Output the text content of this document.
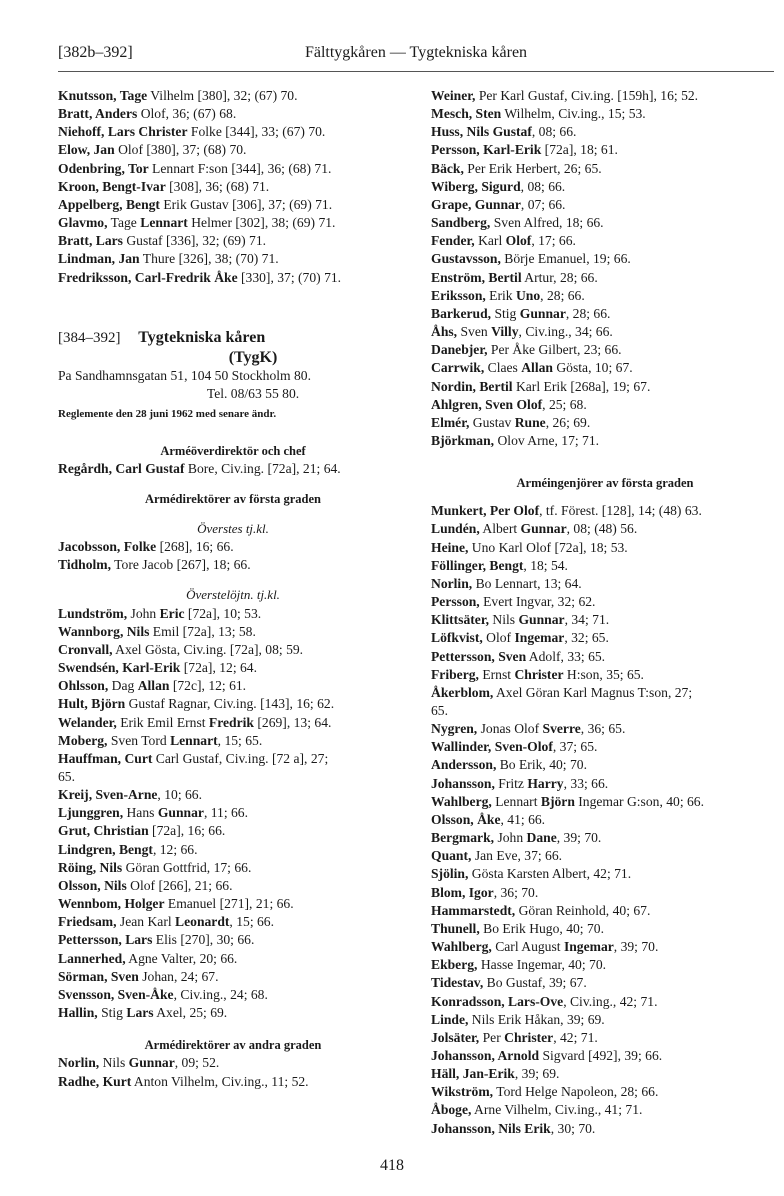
[382b–392]	Fälttygkåren — Tygtekniska kåren
Knutsson, Tage Vilhelm [380], 32; (67) 70.
Bratt, Anders Olof, 36; (67) 68.
Niehoff, Lars Christer Folke [344], 33; (67) 70.
Elow, Jan Olof [380], 37; (68) 70.
Odenbring, Tor Lennart F:son [344], 36; (68) 71.
Kroon, Bengt-Ivar [308], 36; (68) 71.
Appelberg, Bengt Erik Gustav [306], 37; (69) 71.
Glavmo, Tage Lennart Helmer [302], 38; (69) 71.
Bratt, Lars Gustaf [336], 32; (69) 71.
Lindman, Jan Thure [326], 38; (70) 71.
Fredriksson, Carl-Fredrik Åke [330], 37; (70) 71.
[384–392] Tygtekniska kåren
(TygK)
Pa Sandhamnsgatan 51, 104 50 Stockholm 80.
Tel. 08/63 55 80.
Reglemente den 28 juni 1962 med senare ändr.
Arméöverdirektör och chef
Regårdh, Carl Gustaf Bore, Civ.ing. [72a], 21; 64.
Armédirektörer av första graden
Överstes tj.kl.
Jacobsson, Folke [268], 16; 66.
Tidholm, Tore Jacob [267], 18; 66.
Överstelöjtn. tj.kl.
Lundström, John Eric [72a], 10; 53.
Wannborg, Nils Emil [72a], 13; 58.
Cronvall, Axel Gösta, Civ.ing. [72a], 08; 59.
Swendsén, Karl-Erik [72a], 12; 64.
Ohlsson, Dag Allan [72c], 12; 61.
Hult, Björn Gustaf Ragnar, Civ.ing. [143], 16; 62.
Welander, Erik Emil Ernst Fredrik [269], 13; 64.
Moberg, Sven Tord Lennart, 15; 65.
Hauffman, Curt Carl Gustaf, Civ.ing. [72 a], 27;
65.
Kreij, Sven-Arne, 10; 66.
Ljunggren, Hans Gunnar, 11; 66.
Grut, Christian [72a], 16; 66.
Lindgren, Bengt, 12; 66.
Röing, Nils Göran Gottfrid, 17; 66.
Olsson, Nils Olof [266], 21; 66.
Wennbom, Holger Emanuel [271], 21; 66.
Friedsam, Jean Karl Leonardt, 15; 66.
Pettersson, Lars Elis [270], 30; 66.
Lannerhed, Agne Valter, 20; 66.
Sörman, Sven Johan, 24; 67.
Svensson, Sven-Åke, Civ.ing., 24; 68.
Hallin, Stig Lars Axel, 25; 69.
Armédirektörer av andra graden
Norlin, Nils Gunnar, 09; 52.
Radhe, Kurt Anton Vilhelm, Civ.ing., 11; 52.
Weiner, Per Karl Gustaf, Civ.ing. [159h], 16; 52.
Mesch, Sten Wilhelm, Civ.ing., 15; 53.
Huss, Nils Gustaf, 08; 66.
Persson, Karl-Erik [72a], 18; 61.
Bäck, Per Erik Herbert, 26; 65.
Wiberg, Sigurd, 08; 66.
Grape, Gunnar, 07; 66.
Sandberg, Sven Alfred, 18; 66.
Fender, Karl Olof, 17; 66.
Gustavsson, Börje Emanuel, 19; 66.
Enström, Bertil Artur, 28; 66.
Eriksson, Erik Uno, 28; 66.
Barkerud, Stig Gunnar, 28; 66.
Åhs, Sven Villy, Civ.ing., 34; 66.
Danebjer, Per Åke Gilbert, 23; 66.
Carrwik, Claes Allan Gösta, 10; 67.
Nordin, Bertil Karl Erik [268a], 19; 67.
Ahlgren, Sven Olof, 25; 68.
Elmér, Gustav Rune, 26; 69.
Björkman, Olov Arne, 17; 71.
Arméingenjörer av första graden
Munkert, Per Olof, tf. Förest. [128], 14; (48) 63.
Lundén, Albert Gunnar, 08; (48) 56.
Heine, Uno Karl Olof [72a], 18; 53.
Föllinger, Bengt, 18; 54.
Norlin, Bo Lennart, 13; 64.
Persson, Evert Ingvar, 32; 62.
Klittsäter, Nils Gunnar, 34; 71.
Löfkvist, Olof Ingemar, 32; 65.
Pettersson, Sven Adolf, 33; 65.
Friberg, Ernst Christer H:son, 35; 65.
Åkerblom, Axel Göran Karl Magnus T:son, 27;
65.
Nygren, Jonas Olof Sverre, 36; 65.
Wallinder, Sven-Olof, 37; 65.
Andersson, Bo Erik, 40; 70.
Johansson, Fritz Harry, 33; 66.
Wahlberg, Lennart Björn Ingemar G:son, 40; 66.
Olsson, Åke, 41; 66.
Bergmark, John Dane, 39; 70.
Quant, Jan Eve, 37; 66.
Sjölin, Gösta Karsten Albert, 42; 71.
Blom, Igor, 36; 70.
Hammarstedt, Göran Reinhold, 40; 67.
Thunell, Bo Erik Hugo, 40; 70.
Wahlberg, Carl August Ingemar, 39; 70.
Ekberg, Hasse Ingemar, 40; 70.
Tidestav, Bo Gustaf, 39; 67.
Konradsson, Lars-Ove, Civ.ing., 42; 71.
Linde, Nils Erik Håkan, 39; 69.
Jolsäter, Per Christer, 42; 71.
Johansson, Arnold Sigvard [492], 39; 66.
Häll, Jan-Erik, 39; 69.
Wikström, Tord Helge Napoleon, 28; 66.
Åboge, Arne Vilhelm, Civ.ing., 41; 71.
Johansson, Nils Erik, 30; 70.
418
